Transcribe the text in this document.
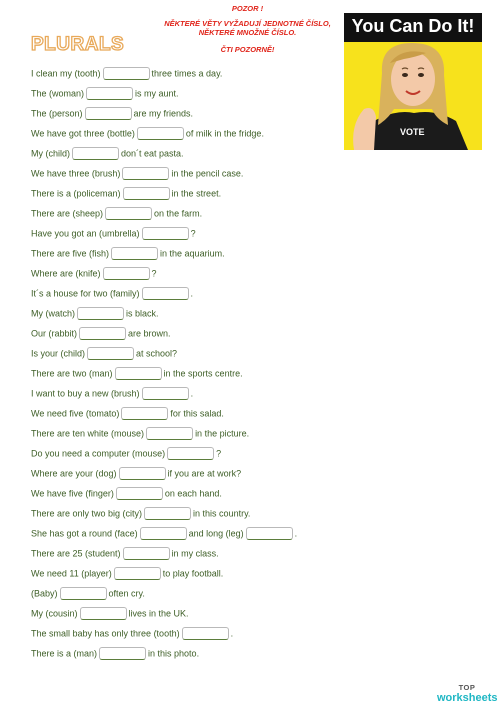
PLURALS
POZOR !
NĚKTERÉ VĚTY VYŽADUJÍ JEDNOTNÉ ČÍSLO,
NĚKTERÉ MNOŽNÉ ČÍSLO.
ČTI POZORNĚ!
You Can Do It!
VOTE
I clean my (tooth)	three times a day.
The (woman)	is my aunt.
The (person)	are my friends.
We have got three (bottle)	of milk in the fridge.
My (child)	don´t eat pasta.
We have three (brush)	in the pencil case.
There is a (policeman)	in the street.
There are (sheep)	on the farm.
Have you got an (umbrella)	?
There are five (fish)	in the aquarium.
Where are (knife)	?
It´s a house for two (family)	.
My (watch)	is black.
Our (rabbit)	are brown.
Is your (child)	at school?
There are two (man)	in the sports centre.
I want to buy a new (brush)	.
We need five (tomato)	for this salad.
There are ten white (mouse)	in the picture.
Do you need a computer (mouse)	?
Where are your (dog)	if you are at work?
We have five (finger)	on each hand.
There are only two big (city)	in this country.
She has got a round (face)	and long (leg)	.
There are 25 (student)	in my class.
We need 11 (player)	to play football.
(Baby)	often cry.
My (cousin)	lives in the UK.
The small baby has only three (tooth)	.
There is a (man)	in this photo.
TOP
worksheets
